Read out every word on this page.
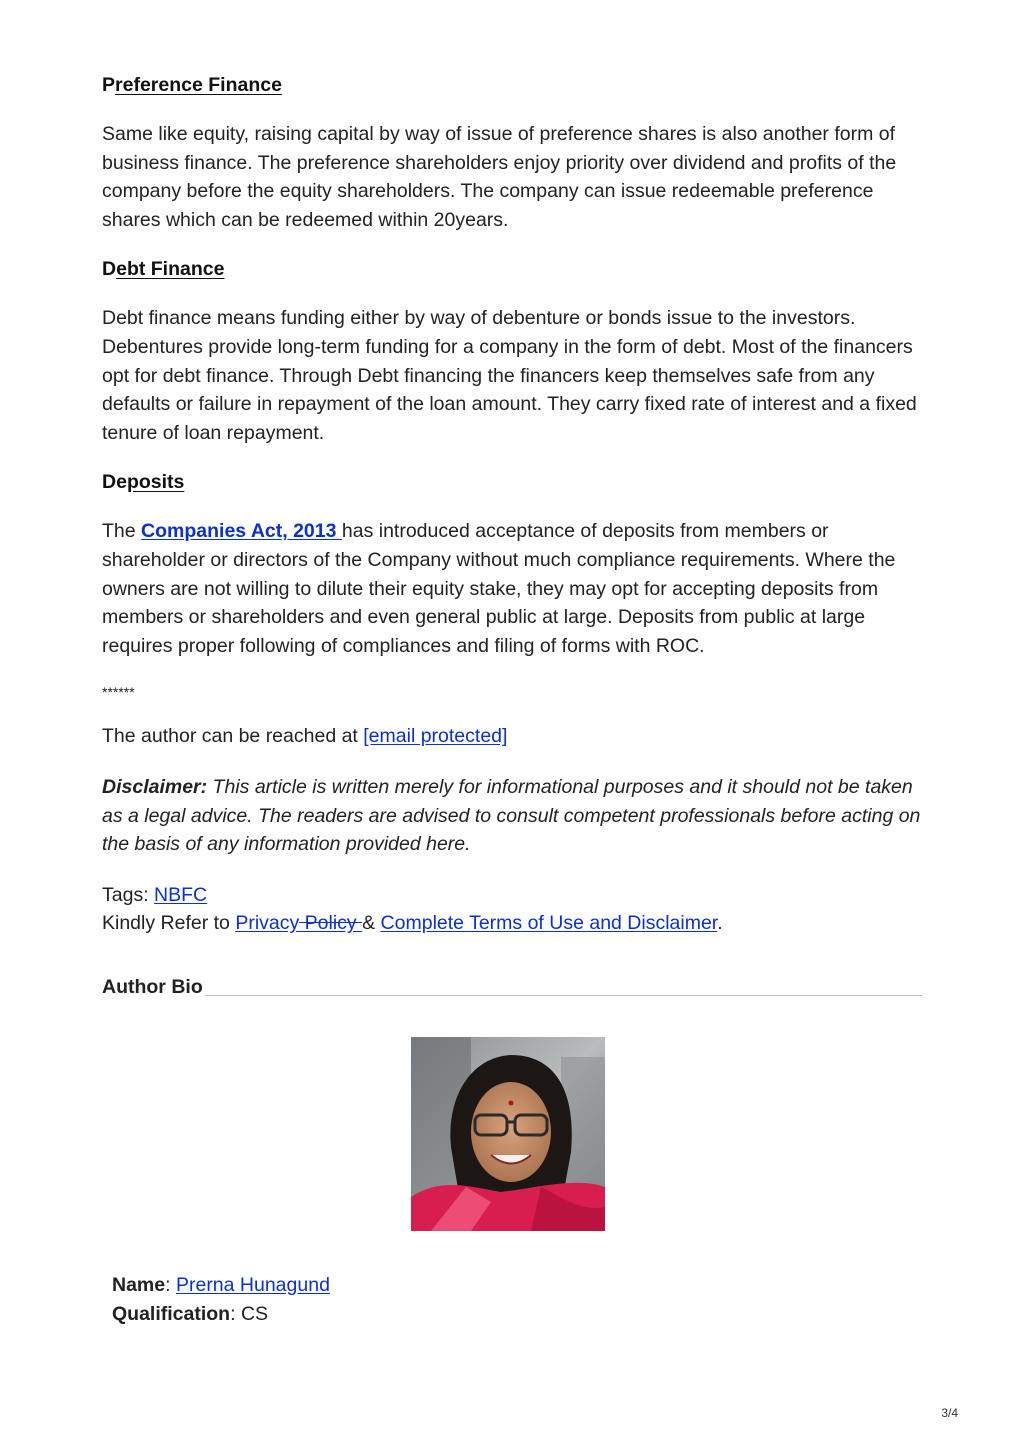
Preference Finance

Same like equity, raising capital by way of issue of preference shares is also another form of business finance. The preference shareholders enjoy priority over dividend and profits of the company before the equity shareholders. The company can issue redeemable preference shares which can be redeemed within 20years.

Debt Finance

Debt finance means funding either by way of debenture or bonds issue to the investors. Debentures provide long-term funding for a company in the form of debt. Most of the financers opt for debt finance. Through Debt financing the financers keep themselves safe from any defaults or failure in repayment of the loan amount. They carry fixed rate of interest and a fixed tenure of loan repayment.

Deposits

The Companies Act, 2013 has introduced acceptance of deposits from members or shareholder or directors of the Company without much compliance requirements. Where the owners are not willing to dilute their equity stake, they may opt for accepting deposits from members or shareholders and even general public at large. Deposits from public at large requires proper following of compliances and filing of forms with ROC.

******

The author can be reached at [email protected]

Disclaimer: This article is written merely for informational purposes and it should not be taken as a legal advice. The readers are advised to consult competent professionals before acting on the basis of any information provided here.

Tags: NBFC

Kindly Refer to Privacy Policy & Complete Terms of Use and Disclaimer.

Author Bio
Name: Prerna Hunagund
Qualification: CS
3/4
